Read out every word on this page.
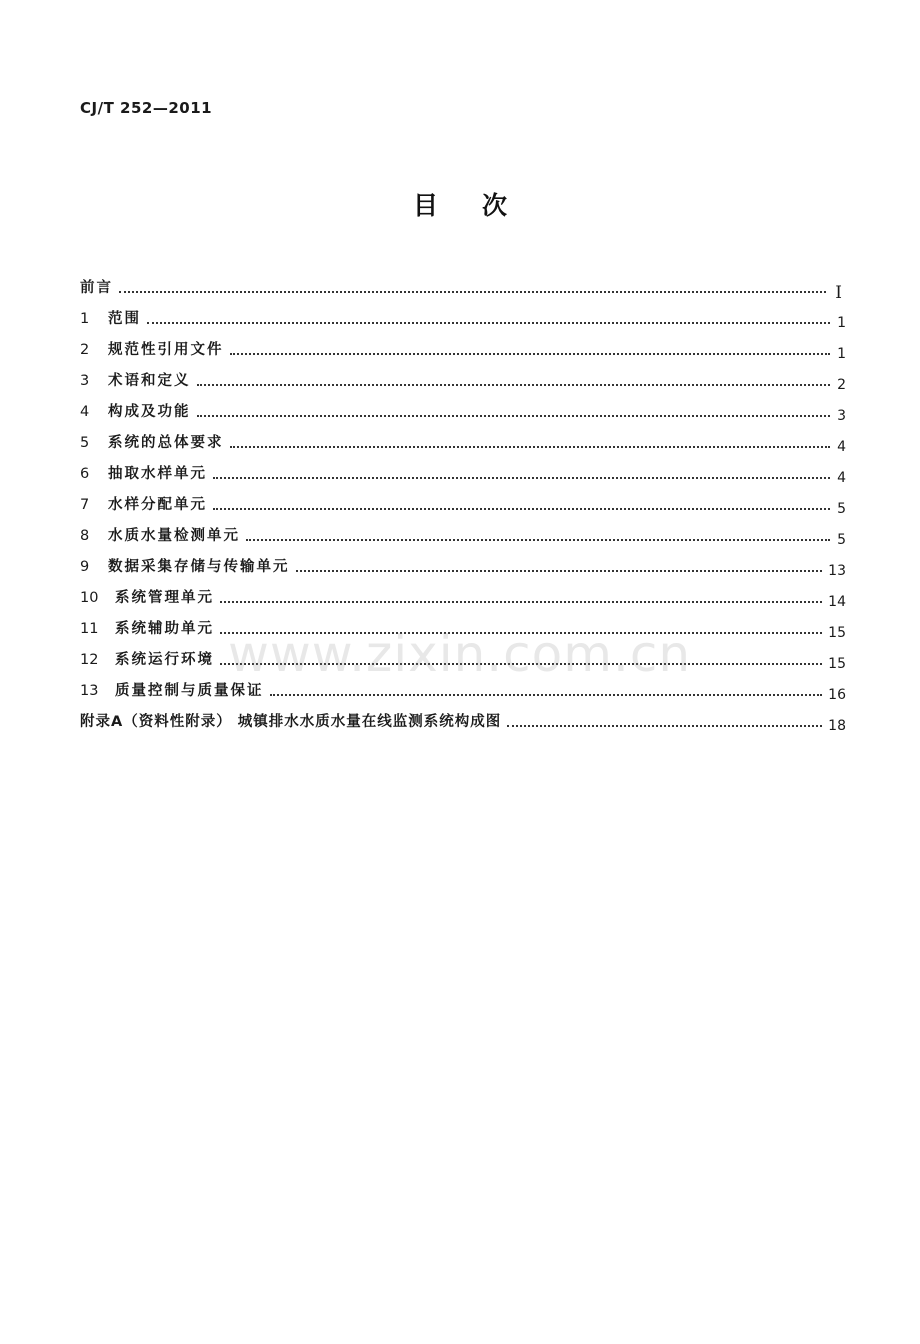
CJ/T 252—2011
目次
前言	I
1	范围	1
2	规范性引用文件	1
3	术语和定义	2
4	构成及功能	3
5	系统的总体要求	4
6	抽取水样单元	4
7	水样分配单元	5
8	水质水量检测单元	5
9	数据采集存储与传输单元	13
10	系统管理单元	14
11	系统辅助单元	15
12	系统运行环境	15
13	质量控制与质量保证	16
附录A（资料性附录） 城镇排水水质水量在线监测系统构成图	18
www.zixin.com.cn
